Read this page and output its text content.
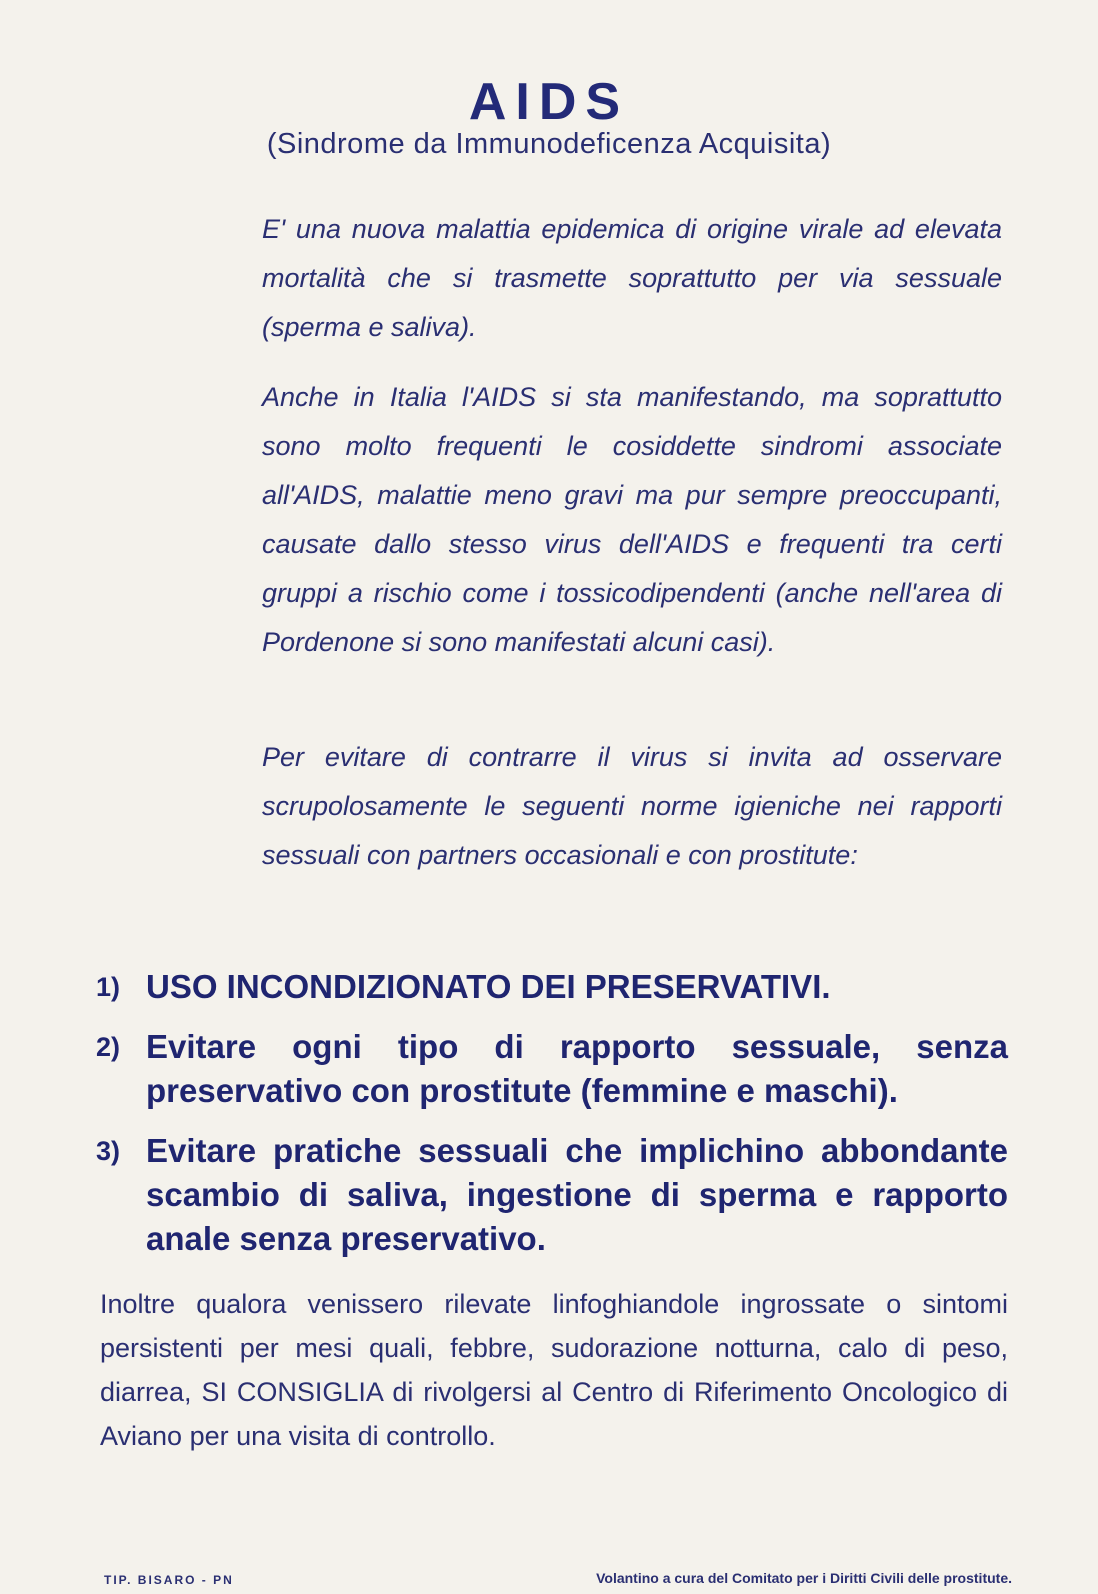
AIDS
(Sindrome da Immunodeficenza Acquisita)

E' una nuova malattia epidemica di origine virale ad elevata mortalità che si trasmette soprattutto per via sessuale (sperma e saliva).

Anche in Italia l'AIDS si sta manifestando, ma soprattutto sono molto frequenti le cosiddette sindromi associate all'AIDS, malattie meno gravi ma pur sempre preoccupanti, causate dallo stesso virus dell'AIDS e frequenti tra certi gruppi a rischio come i tossicodipendenti (anche nell'area di Pordenone si sono manifestati alcuni casi).

Per evitare di contrarre il virus si invita ad osservare scrupolosamente le seguenti norme igieniche nei rapporti sessuali con partners occasionali e con prostitute:

1) USO INCONDIZIONATO DEI PRESERVATIVI.
2) Evitare ogni tipo di rapporto sessuale, senza preservativo con prostitute (femmine e maschi).
3) Evitare pratiche sessuali che implichino abbondante scambio di saliva, ingestione di sperma e rapporto anale senza preservativo.

Inoltre qualora venissero rilevate linfoghiandole ingrossate o sintomi persistenti per mesi quali, febbre, sudorazione notturna, calo di peso, diarrea, SI CONSIGLIA di rivolgersi al Centro di Riferimento Oncologico di Aviano per una visita di controllo.

TIP. BISARO - PN	Volantino a cura del Comitato per i Diritti Civili delle prostitute.
